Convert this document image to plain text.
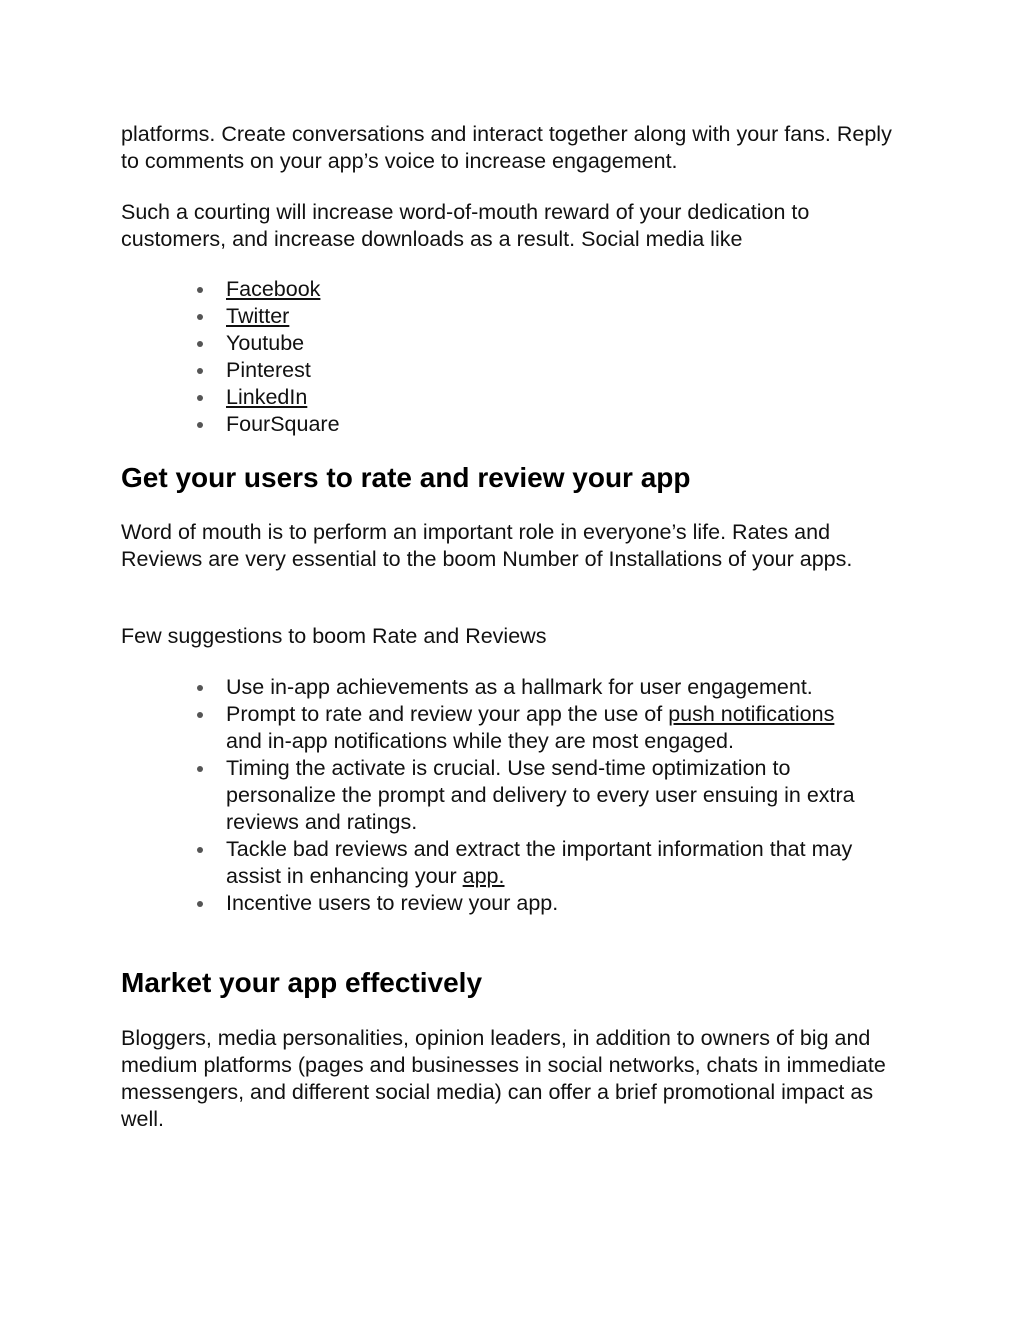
platforms. Create conversations and interact together along with your fans. Reply to comments on your app’s voice to increase engagement.

Such a courting will increase word-of-mouth reward of your dedication to customers, and increase downloads as a result. Social media like

Facebook
Twitter
Youtube
Pinterest
LinkedIn
FourSquare
Get your users to rate and review your app

Word of mouth is to perform an important role in everyone’s life. Rates and Reviews are very essential to the boom Number of Installations of your apps.

Few suggestions to boom Rate and Reviews

Use in-app achievements as a hallmark for user engagement.
Prompt to rate and review your app the use of push notifications and in-app notifications while they are most engaged.
Timing the activate is crucial. Use send-time optimization to personalize the prompt and delivery to every user ensuing in extra reviews and ratings.
Tackle bad reviews and extract the important information that may assist in enhancing your app.
Incentive users to review your app.
Market your app effectively

Bloggers, media personalities, opinion leaders, in addition to owners of big and medium platforms (pages and businesses in social networks, chats in immediate messengers, and different social media) can offer a brief promotional impact as well.
